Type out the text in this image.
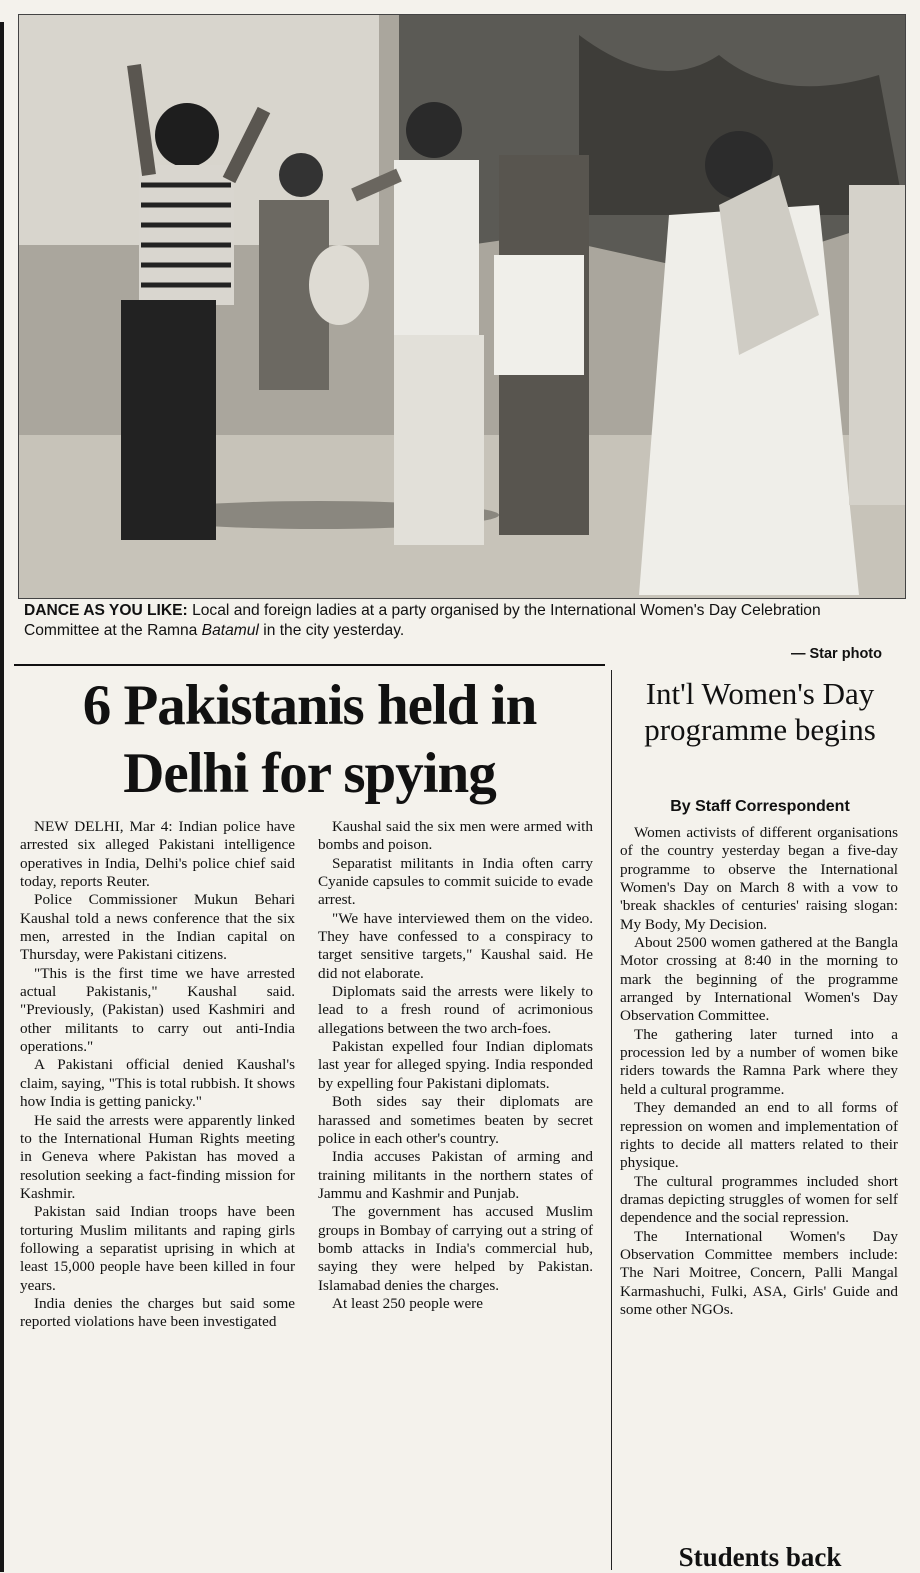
DANCE AS YOU LIKE: Local and foreign ladies at a party organised by the International Women's Day Celebration Committee at the Ramna Batamul in the city yesterday.
— Star photo
6 Pakistanis held in Delhi for spying

NEW DELHI, Mar 4: Indian police have arrested six alleged Pakistani intelligence operatives in India, Delhi's police chief said today, reports Reuter.

Police Commissioner Mukun Behari Kaushal told a news conference that the six men, arrested in the Indian capital on Thursday, were Pakistani citizens.

"This is the first time we have arrested actual Pakistanis," Kaushal said. "Previously, (Pakistan) used Kashmiri and other militants to carry out anti-India operations."

A Pakistani official denied Kaushal's claim, saying, "This is total rubbish. It shows how India is getting panicky."

He said the arrests were apparently linked to the International Human Rights meeting in Geneva where Pakistan has moved a resolution seeking a fact-finding mission for Kashmir.

Pakistan said Indian troops have been torturing Muslim militants and raping girls following a separatist uprising in which at least 15,000 people have been killed in four years.

India denies the charges but said some reported violations have been investigated

Kaushal said the six men were armed with bombs and poison.

Separatist militants in India often carry Cyanide capsules to commit suicide to evade arrest.

"We have interviewed them on the video. They have confessed to a conspiracy to target sensitive targets," Kaushal said. He did not elaborate.

Diplomats said the arrests were likely to lead to a fresh round of acrimonious allegations between the two arch-foes.

Pakistan expelled four Indian diplomats last year for alleged spying. India responded by expelling four Pakistani diplomats.

Both sides say their diplomats are harassed and sometimes beaten by secret police in each other's country.

India accuses Pakistan of arming and training militants in the northern states of Jammu and Kashmir and Punjab.

The government has accused Muslim groups in Bombay of carrying out a string of bomb attacks in India's commercial hub, saying they were helped by Pakistan. Islamabad denies the charges.

At least 250 people were

Int'l Women's Day programme begins
By Staff Correspondent

Women activists of different organisations of the country yesterday began a five-day programme to observe the International Women's Day on March 8 with a vow to 'break shackles of centuries' raising slogan: My Body, My Decision.

About 2500 women gathered at the Bangla Motor crossing at 8:40 in the morning to mark the beginning of the programme arranged by International Women's Day Observation Committee.

The gathering later turned into a procession led by a number of women bike riders towards the Ramna Park where they held a cultural programme.

They demanded an end to all forms of repression on women and implementation of rights to decide all matters related to their physique.

The cultural programmes included short dramas depicting struggles of women for self dependence and the social repression.

The International Women's Day Observation Committee members include: The Nari Moitree, Concern, Palli Mangal Karmashuchi, Fulki, ASA, Girls' Guide and some other NGOs.

Students back
